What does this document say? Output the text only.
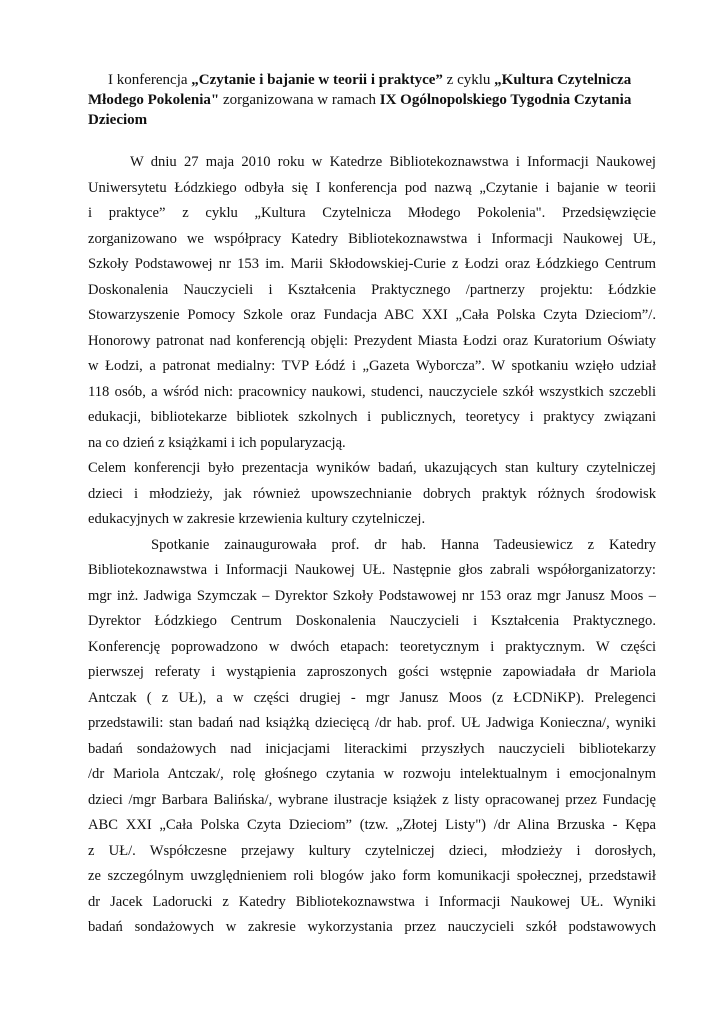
I konferencja „Czytanie i bajanie w teorii i praktyce” z cyklu „Kultura Czytelnicza Młodego Pokolenia" zorganizowana w ramach IX Ogólnopolskiego Tygodnia Czytania Dzieciom

W dniu 27 maja 2010 roku w Katedrze Bibliotekoznawstwa i Informacji Naukowej
Uniwersytetu Łódzkiego odbyła się I konferencja pod nazwą „Czytanie i bajanie w teorii
i praktyce” z cyklu „Kultura Czytelnicza Młodego Pokolenia". Przedsięwzięcie
zorganizowano we współpracy Katedry Bibliotekoznawstwa i Informacji Naukowej UŁ,
Szkoły Podstawowej nr 153 im. Marii Skłodowskiej-Curie z Łodzi oraz Łódzkiego Centrum
Doskonalenia Nauczycieli i Kształcenia Praktycznego /partnerzy projektu: Łódzkie
Stowarzyszenie Pomocy Szkole oraz Fundacja ABC XXI „Cała Polska Czyta Dzieciom”/.
Honorowy patronat nad konferencją objęli: Prezydent Miasta Łodzi oraz Kuratorium Oświaty
w Łodzi, a patronat medialny: TVP Łódź i „Gazeta Wyborcza”. W spotkaniu wzięło udział
118 osób, a wśród nich: pracownicy naukowi, studenci, nauczyciele szkół wszystkich szczebli
edukacji, bibliotekarze bibliotek szkolnych i publicznych, teoretycy i praktycy związani
na co dzień z książkami i ich popularyzacją.
Celem konferencji było prezentacja wyników badań, ukazujących stan kultury czytelniczej
dzieci i młodzieży, jak również upowszechnianie dobrych praktyk różnych środowisk
edukacyjnych w zakresie krzewienia kultury czytelniczej.
Spotkanie zainaugurowała prof. dr hab. Hanna Tadeusiewicz z Katedry
Bibliotekoznawstwa i Informacji Naukowej UŁ. Następnie głos zabrali współorganizatorzy:
mgr inż. Jadwiga Szymczak – Dyrektor Szkoły Podstawowej nr 153 oraz mgr Janusz Moos –
Dyrektor Łódzkiego Centrum Doskonalenia Nauczycieli i Kształcenia Praktycznego.
Konferencję poprowadzono w dwóch etapach: teoretycznym i praktycznym. W części
pierwszej referaty i wystąpienia zaproszonych gości wstępnie zapowiadała dr Mariola
Antczak ( z UŁ), a w części drugiej - mgr Janusz Moos (z ŁCDNiKP). Prelegenci
przedstawili: stan badań nad książką dziecięcą /dr hab. prof. UŁ Jadwiga Konieczna/, wyniki
badań sondażowych nad inicjacjami literackimi przyszłych nauczycieli bibliotekarzy
/dr Mariola Antczak/, rolę głośnego czytania w rozwoju intelektualnym i emocjonalnym
dzieci /mgr Barbara Balińska/, wybrane ilustracje książek z listy opracowanej przez Fundację
ABC XXI „Cała Polska Czyta Dzieciom” (tzw. „Złotej Listy") /dr Alina Brzuska - Kępa
z UŁ/. Współczesne przejawy kultury czytelniczej dzieci, młodzieży i dorosłych,
ze szczególnym uwzględnieniem roli blogów jako form komunikacji społecznej, przedstawił
dr Jacek Ladorucki z Katedry Bibliotekoznawstwa i Informacji Naukowej UŁ. Wyniki
badań sondażowych w zakresie wykorzystania przez nauczycieli szkół podstawowych
